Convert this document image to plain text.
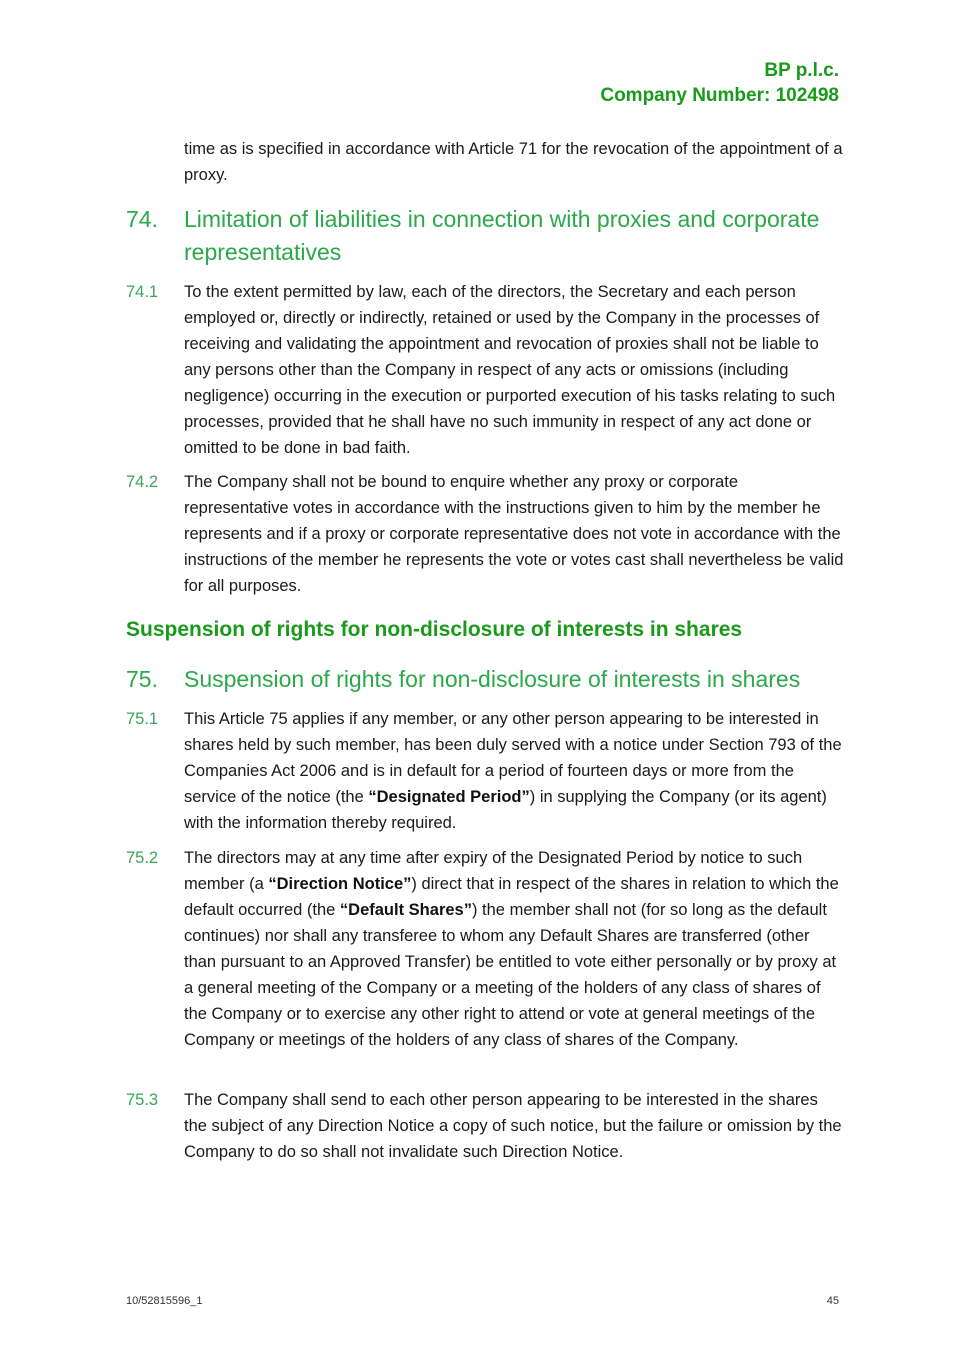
BP p.l.c.
Company Number: 102498
time as is specified in accordance with Article 71 for the revocation of the appointment of a proxy.
74. Limitation of liabilities in connection with proxies and corporate representatives
74.1 To the extent permitted by law, each of the directors, the Secretary and each person employed or, directly or indirectly, retained or used by the Company in the processes of receiving and validating the appointment and revocation of proxies shall not be liable to any persons other than the Company in respect of any acts or omissions (including negligence) occurring in the execution or purported execution of his tasks relating to such processes, provided that he shall have no such immunity in respect of any act done or omitted to be done in bad faith.
74.2 The Company shall not be bound to enquire whether any proxy or corporate representative votes in accordance with the instructions given to him by the member he represents and if a proxy or corporate representative does not vote in accordance with the instructions of the member he represents the vote or votes cast shall nevertheless be valid for all purposes.
Suspension of rights for non-disclosure of interests in shares
75. Suspension of rights for non-disclosure of interests in shares
75.1 This Article 75 applies if any member, or any other person appearing to be interested in shares held by such member, has been duly served with a notice under Section 793 of the Companies Act 2006 and is in default for a period of fourteen days or more from the service of the notice (the “Designated Period”) in supplying the Company (or its agent) with the information thereby required.
75.2 The directors may at any time after expiry of the Designated Period by notice to such member (a “Direction Notice”) direct that in respect of the shares in relation to which the default occurred (the “Default Shares”) the member shall not (for so long as the default continues) nor shall any transferee to whom any Default Shares are transferred (other than pursuant to an Approved Transfer) be entitled to vote either personally or by proxy at a general meeting of the Company or a meeting of the holders of any class of shares of the Company or to exercise any other right to attend or vote at general meetings of the Company or meetings of the holders of any class of shares of the Company.
75.3 The Company shall send to each other person appearing to be interested in the shares the subject of any Direction Notice a copy of such notice, but the failure or omission by the Company to do so shall not invalidate such Direction Notice.
10/52815596_1	45
